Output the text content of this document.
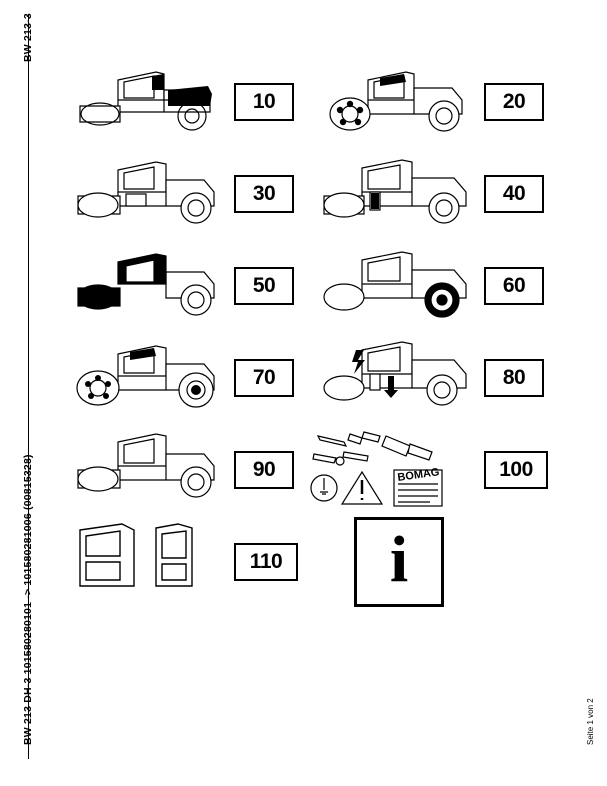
BW 213-3
BW 213 DH-3 101580280101 -> 101580281006 (00815328)	Seite 1 von 2
10	20
30	40
50	60
70	80
90	BOMAG	100
110 i
